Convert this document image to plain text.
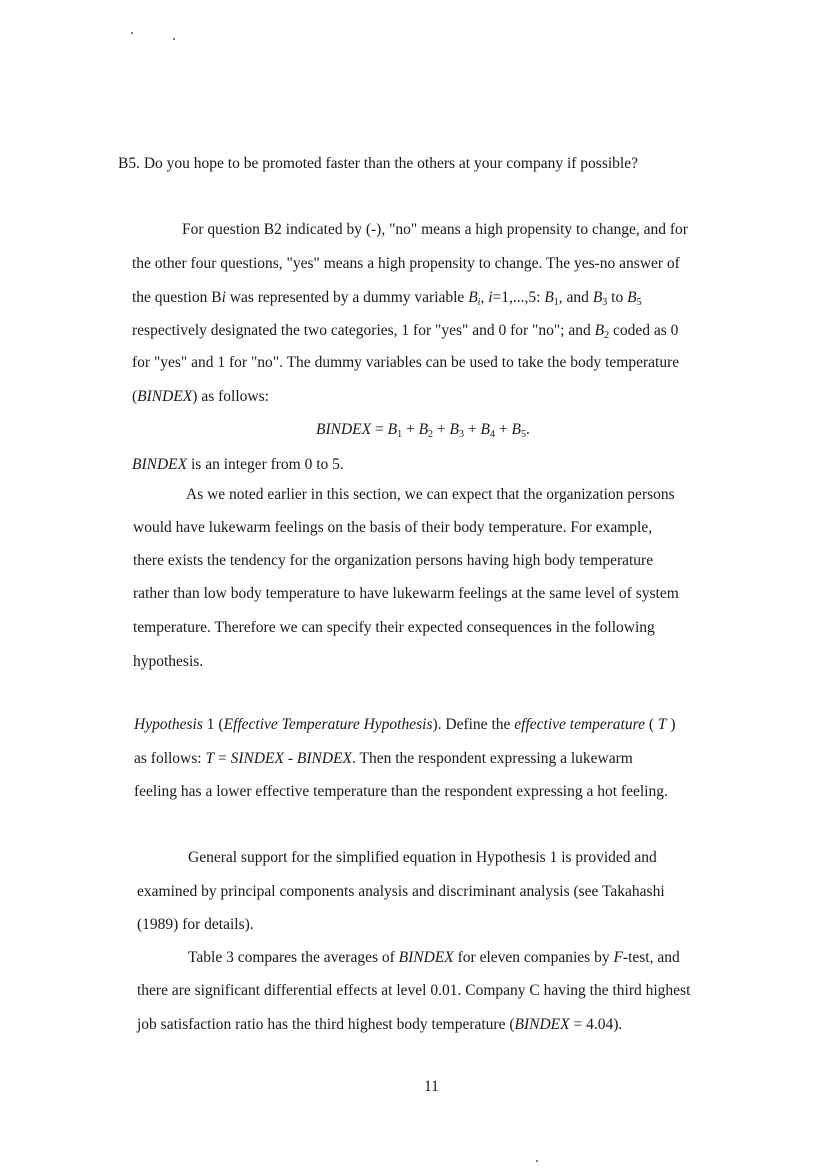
B5. Do you hope to be promoted faster than the others at your company if possible?
For question B2 indicated by (-), "no" means a high propensity to change, and for
the other four questions, "yes" means a high propensity to change. The yes-no answer of
the question Bi was represented by a dummy variable $B_i$, i=1,...,5: $B_1$, and $B_3$ to $B_5$
respectively designated the two categories, 1 for "yes" and 0 for "no"; and $B_2$ coded as 0
for "yes" and 1 for "no". The dummy variables can be used to take the body temperature
(BINDEX) as follows:
BINDEX = $B_1 + B_2 + B_3 + B_4 + B_5$.
BINDEX is an integer from 0 to 5.
As we noted earlier in this section, we can expect that the organization persons
would have lukewarm feelings on the basis of their body temperature. For example,
there exists the tendency for the organization persons having high body temperature
rather than low body temperature to have lukewarm feelings at the same level of system
temperature. Therefore we can specify their expected consequences in the following
hypothesis.
Hypothesis 1 (Effective Temperature Hypothesis). Define the effective temperature ( T )
as follows: T = SINDEX - BINDEX. Then the respondent expressing a lukewarm
feeling has a lower effective temperature than the respondent expressing a hot feeling.
General support for the simplified equation in Hypothesis 1 is provided and
examined by principal components analysis and discriminant analysis (see Takahashi
(1989) for details).
Table 3 compares the averages of BINDEX for eleven companies by F-test, and
there are significant differential effects at level 0.01. Company C having the third highest
job satisfaction ratio has the third highest body temperature (BINDEX = 4.04).
11
